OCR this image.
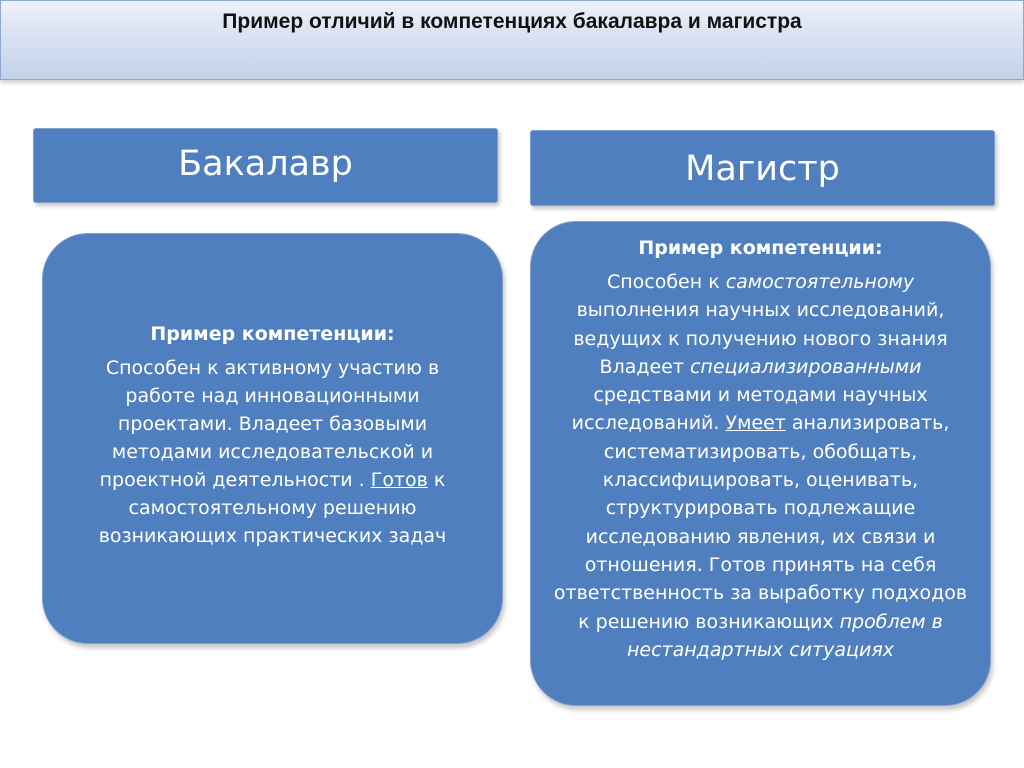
Пример отличий в компетенциях бакалавра и магистра
Бакалавр	Магистр
Пример компетенции:
Способен к активному участию в работе над инновационными проектами. Владеет базовыми методами исследовательской и проектной деятельности . Готов к самостоятельному решению возникающих практических задач
Пример компетенции:
Способен к самостоятельному выполнения научных исследований, ведущих к получению нового знания Владеет специализированными средствами и методами научных исследований. Умеет анализировать, систематизировать, обобщать, классифицировать, оценивать, структурировать подлежащие исследованию явления, их связи и отношения. Готов принять на себя ответственность за выработку подходов к решению возникающих проблем в нестандартных ситуациях
